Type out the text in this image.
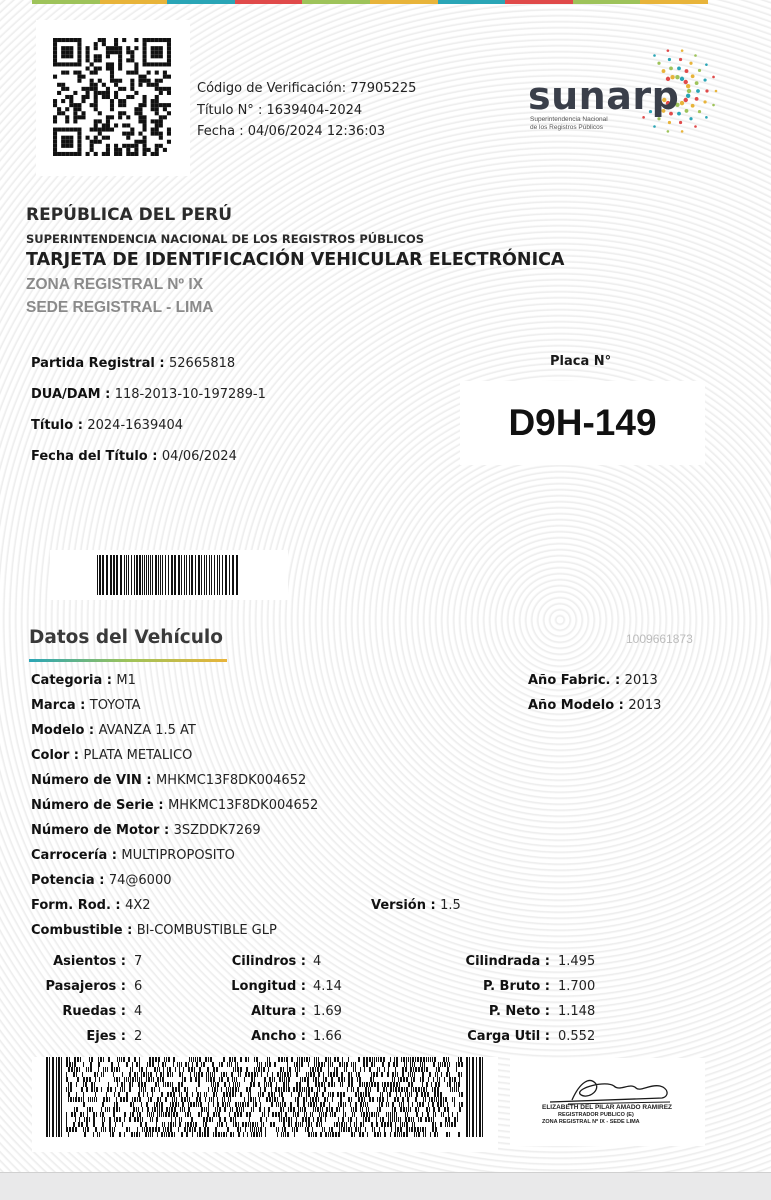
Código de Verificación: 77905225
Título N° : 1639404-2024
Fecha : 04/06/2024 12:36:03
sunarp
Superintendencia Nacional
de los Registros Públicos
REPÚBLICA DEL PERÚ
SUPERINTENDENCIA NACIONAL DE LOS REGISTROS PÚBLICOS
TARJETA DE IDENTIFICACIÓN VEHICULAR ELECTRÓNICA
ZONA REGISTRAL Nº IX
SEDE REGISTRAL - LIMA
Partida Registral : 52665818
DUA/DAM : 118-2013-10-197289-1
Título : 2024-1639404
Fecha del Título : 04/06/2024
Placa N°
D9H-149
Datos del Vehículo	1009661873
Categoria : M1
Marca : TOYOTA
Modelo : AVANZA 1.5 AT
Color : PLATA METALICO
Número de VIN : MHKMC13F8DK004652
Número de Serie : MHKMC13F8DK004652
Número de Motor : 3SZDDK7269
Carrocería : MULTIPROPOSITO
Potencia : 74@6000
Form. Rod. : 4X2	Versión : 1.5
Combustible : BI-COMBUSTIBLE GLP
Año Fabric. : 2013
Año Modelo : 2013
Asientos : 7
Pasajeros : 6
Ruedas : 4
Ejes : 2
Cilindros : 4
Longitud : 4.14
Altura : 1.69
Ancho : 1.66
Cilindrada : 1.495
P. Bruto : 1.700
P. Neto : 1.148
Carga Util : 0.552
ELIZABETH DEL PILAR AMADO RAMIREZ
REGISTRADOR PUBLICO (E)
ZONA REGISTRAL Nº IX - SEDE LIMA
